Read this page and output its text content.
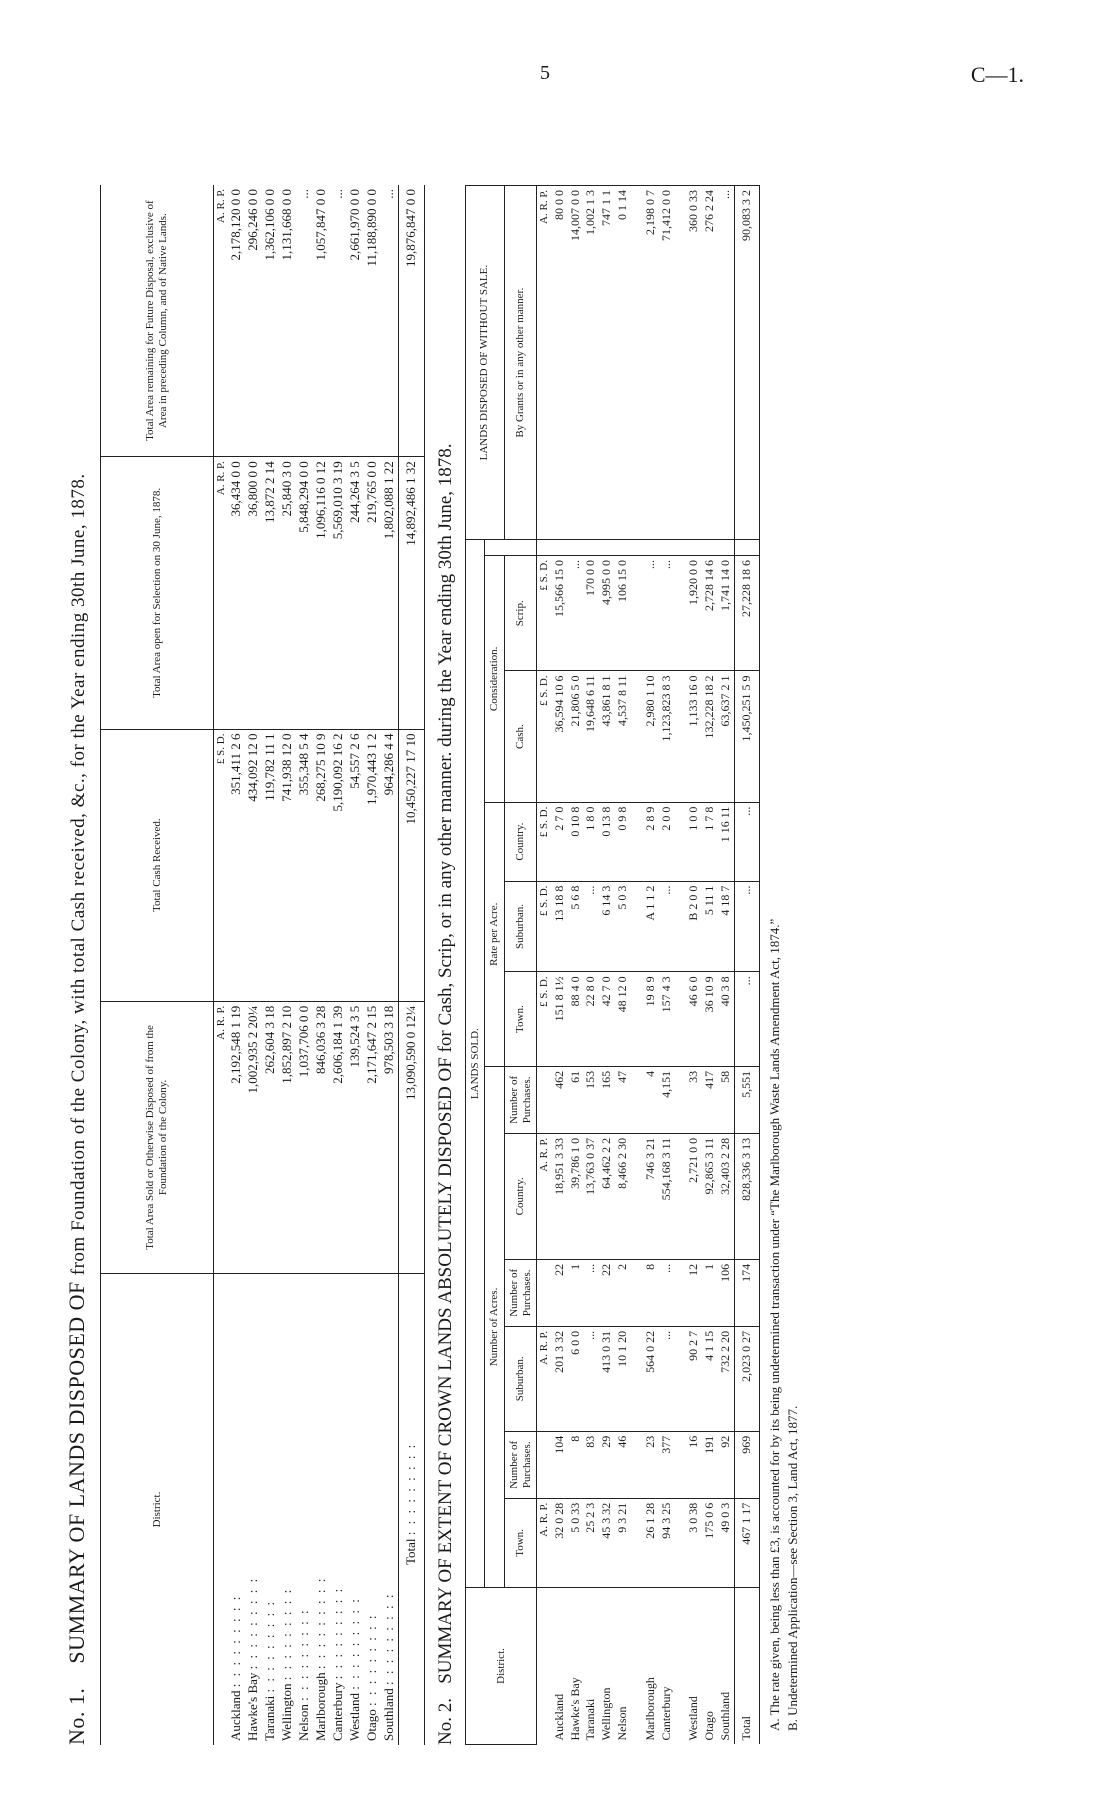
5	C—1.
No. 1.    SUMMARY OF LANDS DISPOSED OF from Foundation of the Colony, with total Cash received, &c., for the Year ending 30th June, 1878.
District.	Total Area Sold or Otherwise Disposed of from the Foundation of the Colony.	Total Cash Received.	Total Area open for Selection on 30 June, 1878.	Total Area remaining for Future Disposal, exclusive of Area in preceding Column, and of Native Lands.
	A. R. P.	£ S. D.	A. R. P.	A. R. P.
Auckland : : : : : : : : :	2,192,548 1 19	351,411 2 6	36,434 0 0	2,178,120 0 0
Hawke's Bay : : : : : : : : :	1,002,935 2 20¼	434,092 12 0	36,800 0 0	296,246 0 0
Taranaki : : : : : : : : :	262,604 3 18	119,782 11 1	13,872 2 14	1,362,106 0 0
Wellington : : : : : : : : :	1,852,897 2 10	741,938 12 0	25,840 3 0	1,131,668 0 0
Nelson : : : : : : : : :	1,037,706 0 0	355,348 5 4	5,848,294 0 0	...
Marlborough : : : : : : : : :	846,036 3 28	268,275 10 9	1,096,116 0 12	1,057,847 0 0
Canterbury : : : : : : : : :	2,606,184 1 39	5,190,092 16 2	5,569,010 3 19	...
Westland : : : : : : : : :	139,524 3 5	54,557 2 6	244,264 3 5	2,661,970 0 0
Otago : : : : : : : : :	2,171,647 2 15	1,970,443 1 2	219,765 0 0	11,188,890 0 0
Southland : : : : : : : : :	978,503 3 18	964,286 4 4	1,802,088 1 22	...
Total : : : : : : : : :	13,090,590 0 12¼	10,450,227 17 10	14,892,486 1 32	19,876,847 0 0
No. 2.   SUMMARY OF EXTENT OF CROWN LANDS ABSOLUTELY DISPOSED OF for Cash, Scrip, or in any other manner. during the Year ending 30th June, 1878.
District.	LANDS SOLD.												LANDS DISPOSED OF WITHOUT SALE.
	Number of Acres.						Rate per Acre.			Consideration.			
	Town.	Number of Purchases.	Suburban.	Number of Purchases.	Country.	Number of Purchases.	Town.	Suburban.	Country.	Cash.	Scrip.		By Grants or in any other manner.
	A. R. P.		A. R. P.		A. R. P.		£ S. D.	£ S. D.	£ S. D.	£ S. D.	£ S. D.		A. R. P.
Auckland	32 0 28	104	201 3 32	22	18,951 3 33	462	151 8 1½	13 18 8	2 7 0	36,594 10 6	15,566 15 0		80 0 0
Hawke's Bay	5 0 33	8	6 0 0	1	39,786 1 0	61	88 4 0	5 6 8	0 10 8	21,806 5 0	...		14,007 0 0
Taranaki	25 2 3	83	...	...	13,763 0 37	153	22 8 0	...	1 8 0	19,648 6 11	170 0 0		1,002 1 3
Wellington	45 3 32	29	413 0 31	22	64,462 2 2	165	42 7 0	6 14 3	0 13 8	43,861 8 1	4,995 0 0		747 1 1
Nelson	9 3 21	46	10 1 20	2	8,466 2 30	47	48 12 0	5 0 3	0 9 8	4,537 8 11	106 15 0		0 1 14

Marlborough	26 1 28	23	564 0 22	8	746 3 21	4	19 8 9	A 1 1 2	2 8 9	2,980 1 10	...		2,198 0 7
Canterbury	94 3 25	377	...	...	554,168 3 11	4,151	157 4 3	...	2 0 0	1,123,823 8 3	...		71,412 0 0

Westland	3 0 38	16	90 2 7	12	2,721 0 0	33	46 6 0	B 2 0 0	1 0 0	1,133 16 0	1,920 0 0		360 0 33
Otago	175 0 6	191	4 1 15	1	92,865 3 11	417	36 10 9	5 11 1	1 7 8	132,228 18 2	2,728 14 6		276 2 24
Southland	49 0 3	92	732 2 20	106	32,403 2 28	58	40 3 8	4 18 7	1 16 11	63,637 2 1	1,741 14 0		...
Total	467 1 17	969	2,023 0 27	174	828,336 3 13	5,551	...	...	...	1,450,251 5 9	27,228 18 6		90,083 3 2

A. The rate given, being less than £3, is accounted for by its being undetermined transaction under “The Marlborough Waste Lands Amendment Act, 1874.” B. Undetermined Application—see Section 3, Land Act, 1877.
